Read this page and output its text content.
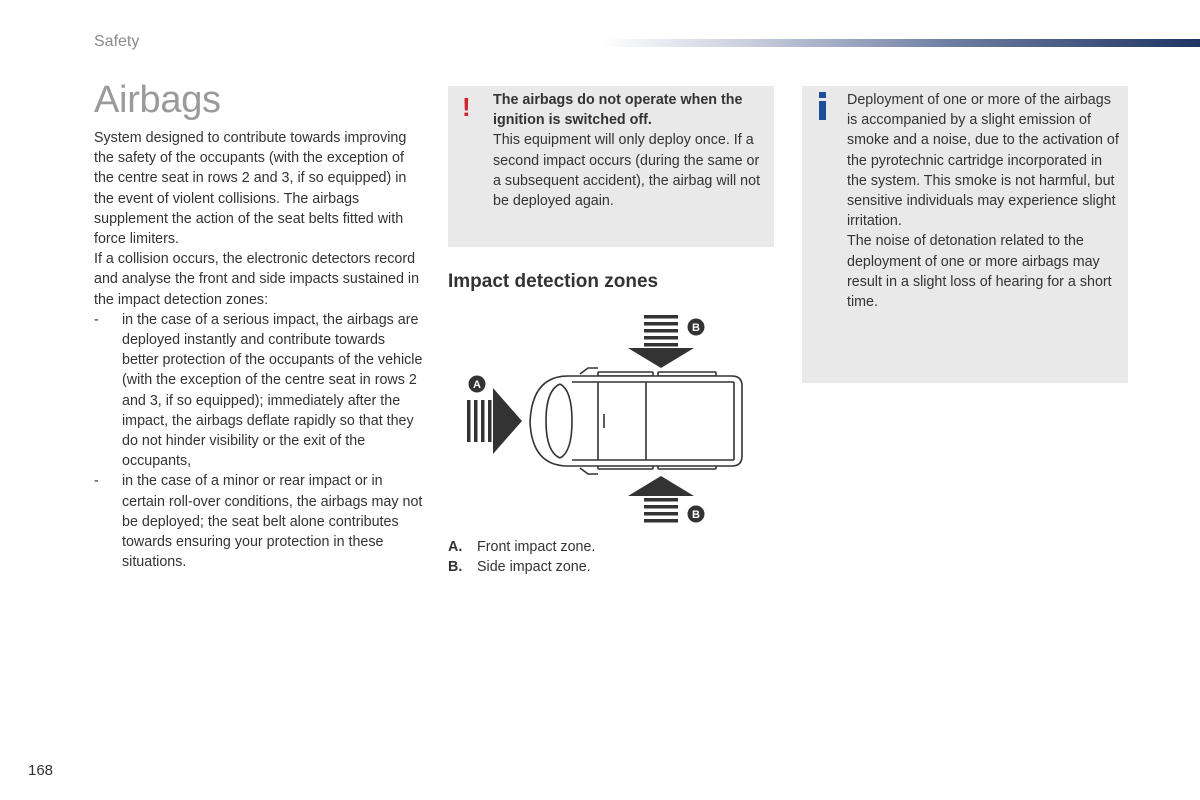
Safety
Airbags

System designed to contribute towards improving the safety of the occupants (with the exception of the centre seat in rows 2 and 3, if so equipped) in the event of violent collisions. The airbags supplement the action of the seat belts fitted with force limiters.

If a collision occurs, the electronic detectors record and analyse the front and side impacts sustained in the impact detection zones:

- in the case of a serious impact, the airbags are deployed instantly and contribute towards better protection of the occupants of the vehicle (with the exception of the centre seat in rows 2 and 3, if so equipped); immediately after the impact, the airbags deflate rapidly so that they do not hinder visibility or the exit of the occupants,
- in the case of a minor or rear impact or in certain roll-over conditions, the airbags may not be deployed; the seat belt alone contributes towards ensuring your protection in these situations.
! The airbags do not operate when the ignition is switched off.

This equipment will only deploy once. If a second impact occurs (during the same or a subsequent accident), the airbag will not be deployed again.

Deployment of one or more of the airbags is accompanied by a slight emission of smoke and a noise, due to the activation of the pyrotechnic cartridge incorporated in the system. This smoke is not harmful, but sensitive individuals may experience slight irritation.

The noise of detonation related to the deployment of one or more airbags may result in a slight loss of hearing for a short time.

Impact detection zones
B
A
B
A.	Front impact zone.
B.	Side impact zone.
168
